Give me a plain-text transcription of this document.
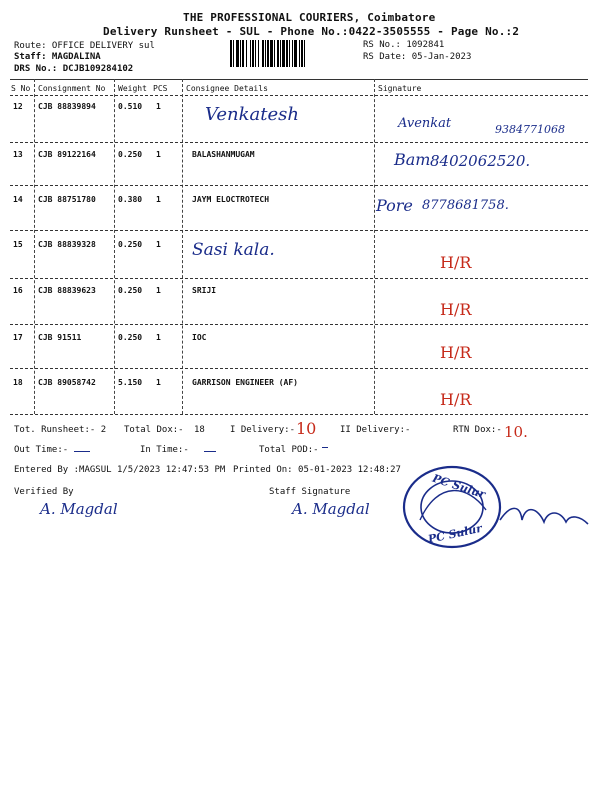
THE PROFESSIONAL COURIERS, Coimbatore
Delivery Runsheet - SUL - Phone No.:0422-3505555 - Page No.:2
Route: OFFICE DELIVERY sul
Staff: MAGDALINA
DRS No.: DCJB109284102
RS No.: 1092841
RS Date: 05-Jan-2023
S No Consignment No Weight PCS Consignee Details	Signature
12 CJB 88839894	0.510 1 Venkatesh	Avenkat	9384771068
13 CJB 89122164	0.250 1	BALASHANMUGAM	Bam 8402062520.
14 CJB 88751780	0.380 1	JAYM ELOCTROTECH	Pore 8778681758.
15 CJB 88839328	0.250 1 Sasi kala.
H/R
16 CJB 88839623	0.250 1	SRIJI
H/R
17 CJB 91511	0.250 1	IOC
H/R
18 CJB 89058742	5.150 1	GARRISON ENGINEER (AF)
H/R
Tot. Runsheet:- 2 Total Dox:- 18	I Delivery:- 10	II Delivery:-	RTN Dox:- 10.
Out Time:-	In Time:-	Total POD:-
Entered By :MAGSUL 1/5/2023 12:47:53 PM Printed On: 05-01-2023 12:48:27
Verified By
A. Magdal
Staff Signature
A. Magdal
PC Sulur
PC Sulur
